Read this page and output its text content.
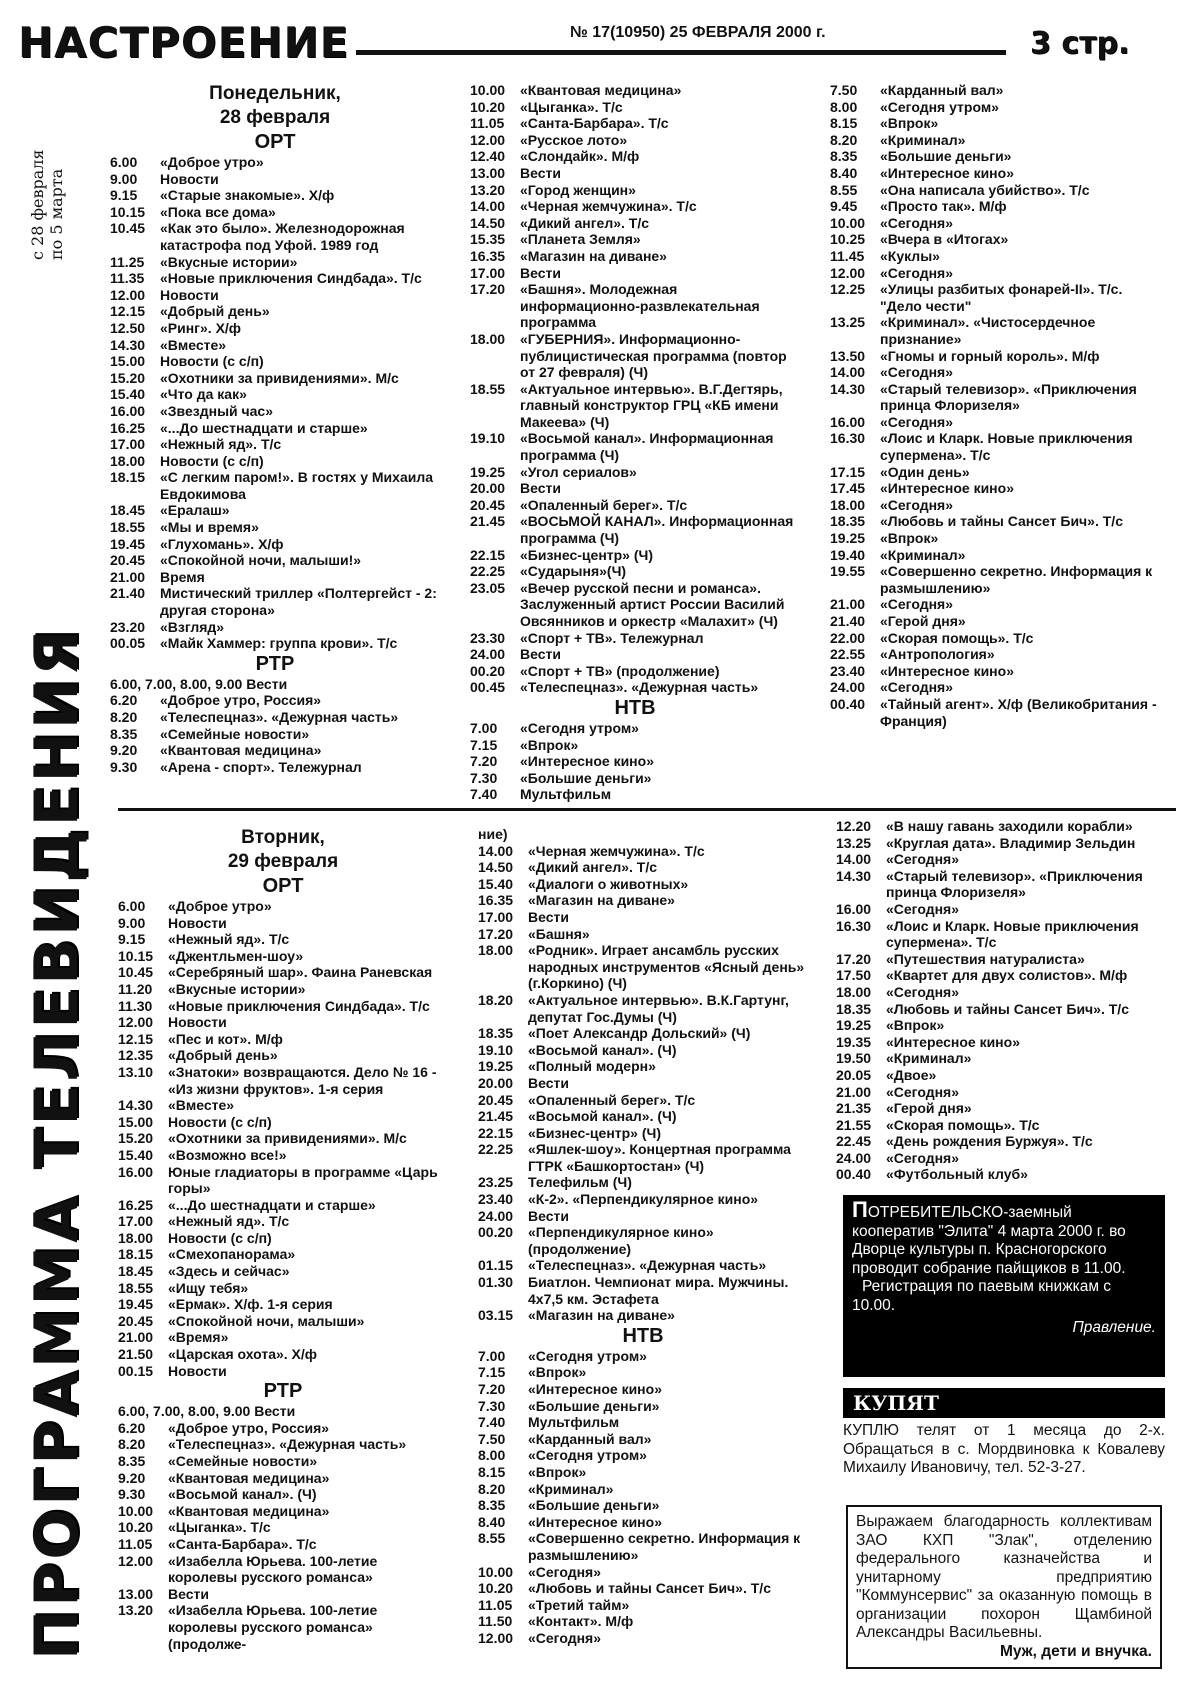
НАСТРОЕНИЕ	№ 17(10950) 25 ФЕВРАЛЯ 2000 г.	3 стр.
ПРОГРАММА ТЕЛЕВИДЕНИЯ
с 28 февраля по 5 марта
Понедельник,
28 февраля
ОРТ
6.00	«Доброе утро»
9.00	Новости
9.15	«Старые знакомые». Х/ф
10.15	«Пока все дома»
10.45	«Как это было». Железнодорожная катастрофа под Уфой. 1989 год
11.25	«Вкусные истории»
11.35	«Новые приключения Синдбада». Т/с
12.00	Новости
12.15	«Добрый день»
12.50	«Ринг». Х/ф
14.30	«Вместе»
15.00	Новости (с с/п)
15.20	«Охотники за привидениями». М/с
15.40	«Что да как»
16.00	«Звездный час»
16.25	«...До шестнадцати и старше»
17.00	«Нежный яд». Т/с
18.00	Новости (с с/п)
18.15	«С легким паром!». В гостях у Михаила Евдокимова
18.45	«Ералаш»
18.55	«Мы и время»
19.45	«Глухомань». Х/ф
20.45	«Спокойной ночи, малыши!»
21.00	Время
21.40	Мистический триллер «Полтергейст - 2: другая сторона»
23.20	«Взгляд»
00.05	«Майк Хаммер: группа крови». Т/с
РТР
6.00, 7.00, 8.00, 9.00 Вести
6.20	«Доброе утро, Россия»
8.20	«Телеспецназ». «Дежурная часть»
8.35	«Семейные новости»
9.20	«Квантовая медицина»
9.30	«Арена - спорт». Тележурнал
10.00	«Квантовая медицина»
10.20	«Цыганка». Т/с
11.05	«Санта-Барбара». Т/с
12.00	«Русское лото»
12.40	«Слондайк». М/ф
13.00	Вести
13.20	«Город женщин»
14.00	«Черная жемчужина». Т/с
14.50	«Дикий ангел». Т/с
15.35	«Планета Земля»
16.35	«Магазин на диване»
17.00	Вести
17.20	«Башня». Молодежная информационно-развлекательная программа
18.00	«ГУБЕРНИЯ». Информационно-публицистическая программа (повтор от 27 февраля) (Ч)
18.55	«Актуальное интервью». В.Г.Дегтярь, главный конструктор ГРЦ «КБ имени Макеева» (Ч)
19.10	«Восьмой канал». Информационная программа (Ч)
19.25	«Угол сериалов»
20.00	Вести
20.45	«Опаленный берег». Т/с
21.45	«ВОСЬМОЙ КАНАЛ». Информационная программа (Ч)
22.15	«Бизнес-центр» (Ч)
22.25	«Сударыня»(Ч)
23.05	«Вечер русской песни и романса». Заслуженный артист России Василий Овсянников и оркестр «Малахит» (Ч)
23.30	«Спорт + ТВ». Тележурнал
24.00	Вести
00.20	«Спорт + ТВ» (продолжение)
00.45	«Телеспецназ». «Дежурная часть»
НТВ
7.00	«Сегодня утром»
7.15	«Впрок»
7.20	«Интересное кино»
7.30	«Большие деньги»
7.40	Мультфильм
7.50	«Карданный вал»
8.00	«Сегодня утром»
8.15	«Впрок»
8.20	«Криминал»
8.35	«Большие деньги»
8.40	«Интересное кино»
8.55	«Она написала убийство». Т/с
9.45	«Просто так». М/ф
10.00	«Сегодня»
10.25	«Вчера в «Итогах»
11.45	«Куклы»
12.00	«Сегодня»
12.25	«Улицы разбитых фонарей-II». Т/с. "Дело чести"
13.25	«Криминал». «Чистосердечное признание»
13.50	«Гномы и горный король». М/ф
14.00	«Сегодня»
14.30	«Старый телевизор». «Приключения принца Флоризеля»
16.00	«Сегодня»
16.30	«Лоис и Кларк. Новые приключения супермена». Т/с
17.15	«Один день»
17.45	«Интересное кино»
18.00	«Сегодня»
18.35	«Любовь и тайны Сансет Бич». Т/с
19.25	«Впрок»
19.40	«Криминал»
19.55	«Совершенно секретно. Информация к размышлению»
21.00	«Сегодня»
21.40	«Герой дня»
22.00	«Скорая помощь». Т/с
22.55	«Антропология»
23.40	«Интересное кино»
24.00	«Сегодня»
00.40	«Тайный агент». Х/ф (Великобритания - Франция)
Вторник,
29 февраля
ОРТ
6.00	«Доброе утро»
9.00	Новости
9.15	«Нежный яд». Т/с
10.15	«Джентльмен-шоу»
10.45	«Серебряный шар». Фаина Раневская
11.20	«Вкусные истории»
11.30	«Новые приключения Синдбада». Т/с
12.00	Новости
12.15	«Пес и кот». М/ф
12.35	«Добрый день»
13.10	«Знатоки» возвращаются. Дело № 16 - «Из жизни фруктов». 1-я серия
14.30	«Вместе»
15.00	Новости (с с/п)
15.20	«Охотники за привидениями». М/с
15.40	«Возможно все!»
16.00	Юные гладиаторы в программе «Царь горы»
16.25	«...До шестнадцати и старше»
17.00	«Нежный яд». Т/с
18.00	Новости (с с/п)
18.15	«Смехопанорама»
18.45	«Здесь и сейчас»
18.55	«Ищу тебя»
19.45	«Ермак». Х/ф. 1-я серия
20.45	«Спокойной ночи, малыши»
21.00	«Время»
21.50	«Царская охота». Х/ф
00.15	Новости
РТР
6.00, 7.00, 8.00, 9.00 Вести
6.20	«Доброе утро, Россия»
8.20	«Телеспецназ». «Дежурная часть»
8.35	«Семейные новости»
9.20	«Квантовая медицина»
9.30	«Восьмой канал». (Ч)
10.00	«Квантовая медицина»
10.20	«Цыганка». Т/с
11.05	«Санта-Барбара». Т/с
12.00	«Изабелла Юрьева. 100-летие королевы русского романса»
13.00	Вести
13.20	«Изабелла Юрьева. 100-летие королевы русского романса» (продолже-
ние)
14.00	«Черная жемчужина». Т/с
14.50	«Дикий ангел». Т/с
15.40	«Диалоги о животных»
16.35	«Магазин на диване»
17.00	Вести
17.20	«Башня»
18.00	«Родник». Играет ансамбль русских народных инструментов «Ясный день» (г.Коркино) (Ч)
18.20	«Актуальное интервью». В.К.Гартунг, депутат Гос.Думы (Ч)
18.35	«Поет Александр Дольский» (Ч)
19.10	«Восьмой канал». (Ч)
19.25	«Полный модерн»
20.00	Вести
20.45	«Опаленный берег». Т/с
21.45	«Восьмой канал». (Ч)
22.15	«Бизнес-центр» (Ч)
22.25	«Яшлек-шоу». Концертная программа ГТРК «Башкортостан» (Ч)
23.25	Телефильм (Ч)
23.40	«К-2». «Перпендикулярное кино»
24.00	Вести
00.20	«Перпендикулярное кино» (продолжение)
01.15	«Телеспецназ». «Дежурная часть»
01.30	Биатлон. Чемпионат мира. Мужчины. 4х7,5 км. Эстафета
03.15	«Магазин на диване»
НТВ
7.00	«Сегодня утром»
7.15	«Впрок»
7.20	«Интересное кино»
7.30	«Большие деньги»
7.40	Мультфильм
7.50	«Карданный вал»
8.00	«Сегодня утром»
8.15	«Впрок»
8.20	«Криминал»
8.35	«Большие деньги»
8.40	«Интересное кино»
8.55	«Совершенно секретно. Информация к размышлению»
10.00	«Сегодня»
10.20	«Любовь и тайны Сансет Бич». Т/с
11.05	«Третий тайм»
11.50	«Контакт». М/ф
12.00	«Сегодня»
12.20	«В нашу гавань заходили корабли»
13.25	«Круглая дата». Владимир Зельдин
14.00	«Сегодня»
14.30	«Старый телевизор». «Приключения принца Флоризеля»
16.00	«Сегодня»
16.30	«Лоис и Кларк. Новые приключения супермена». Т/с
17.20	«Путешествия натуралиста»
17.50	«Квартет для двух солистов». М/ф
18.00	«Сегодня»
18.35	«Любовь и тайны Сансет Бич». Т/с
19.25	«Впрок»
19.35	«Интересное кино»
19.50	«Криминал»
20.05	«Двое»
21.00	«Сегодня»
21.35	«Герой дня»
21.55	«Скорая помощь». Т/с
22.45	«День рождения Буржуя». Т/с
24.00	«Сегодня»
00.40	«Футбольный клуб»
ПОТРЕБИТЕЛЬСКО-заемный кооператив "Элита" 4 марта 2000 г. во Дворце культуры п. Красногорского проводит собрание пайщиков в 11.00.
Регистрация по паевым книжкам с 10.00.
Правление.
КУПЯТ
КУПЛЮ телят от 1 месяца до 2-х. Обращаться в с. Мордвиновка к Ковалеву Михаилу Ивановичу, тел. 52-3-27.
Выражаем благодарность коллективам ЗАО КХП "Злак", отделению федерального казначейства и унитарному предприятию "Коммунсервис" за оказанную помощь в организации похорон Щамбиной Александры Васильевны.
Муж, дети и внучка.
